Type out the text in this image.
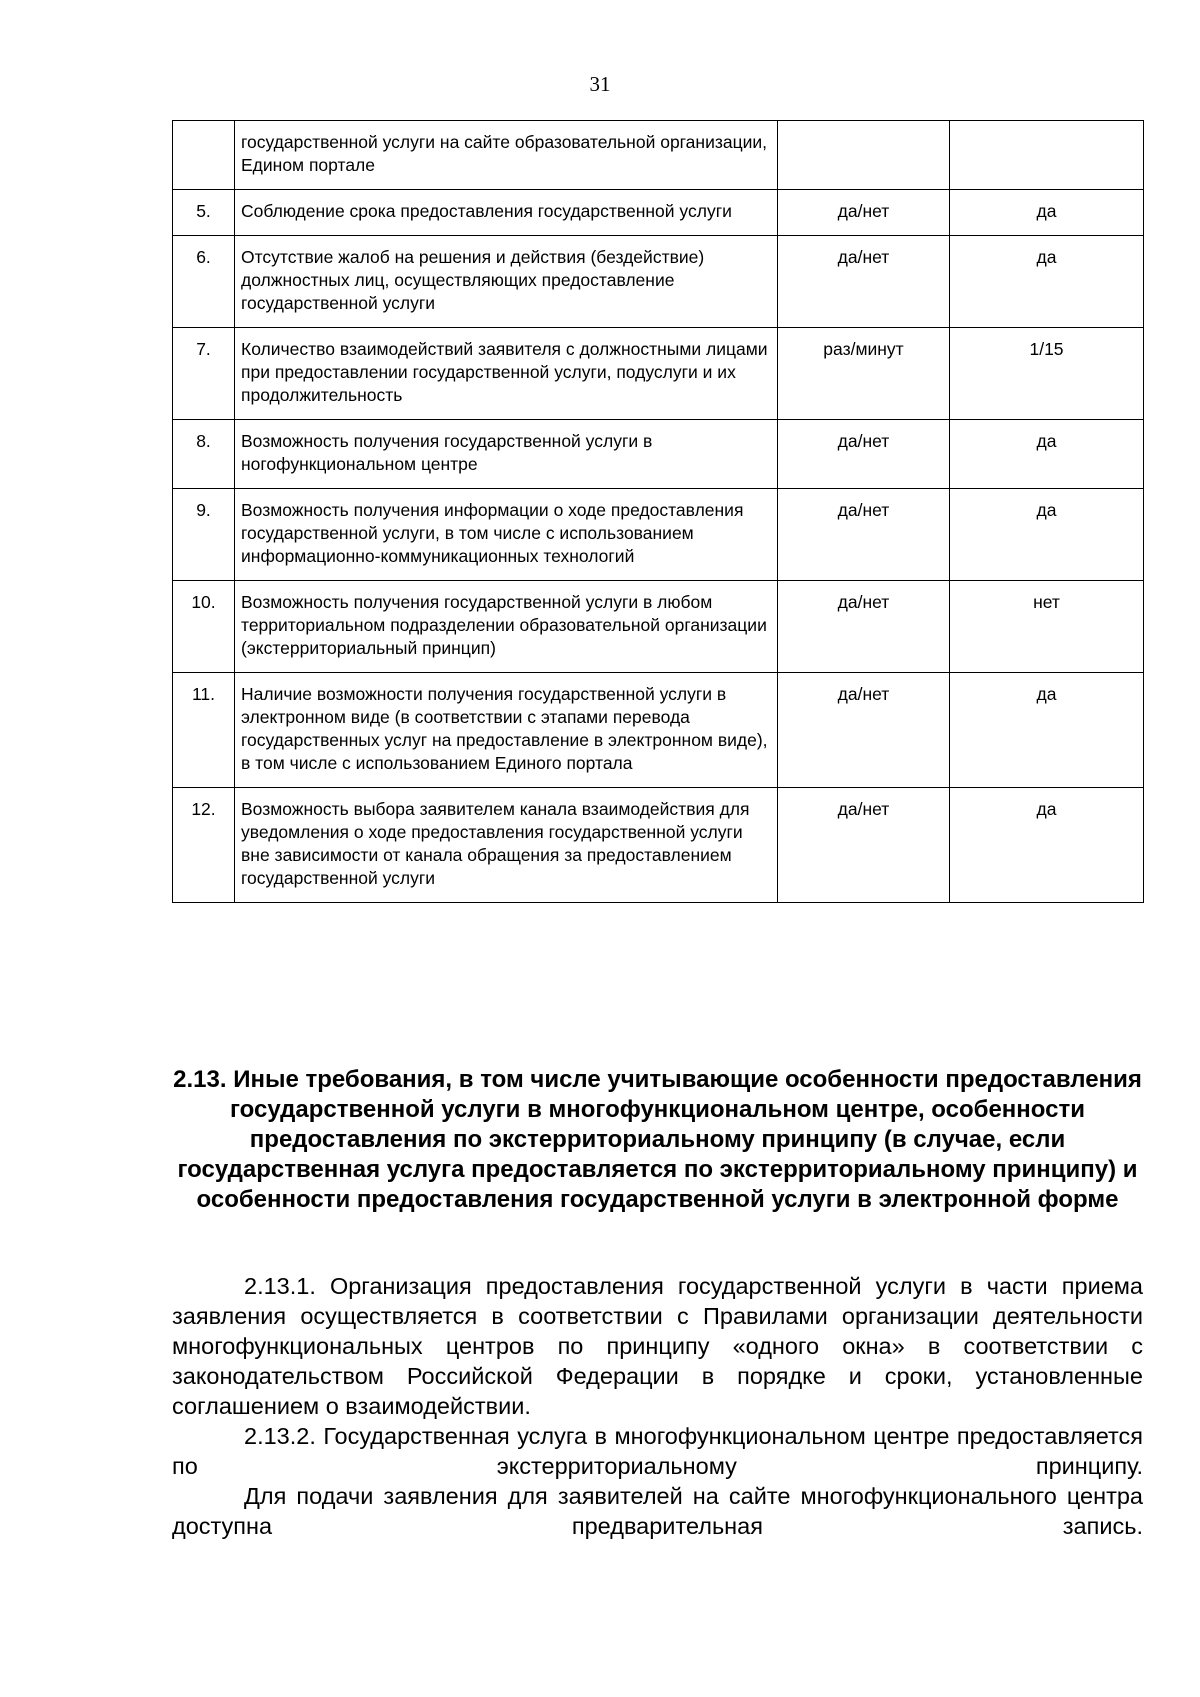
31
	государственной услуги на сайте образовательной организации, Едином портале		
5.	Соблюдение срока предоставления государственной услуги	да/нет	да
6.	Отсутствие жалоб на решения и действия (бездействие) должностных лиц, осуществляющих предоставление государственной услуги	да/нет	да
7.	Количество взаимодействий заявителя с должностными лицами при предоставлении государственной услуги, подуслуги и их продолжительность	раз/минут	1/15
8.	Возможность получения государственной услуги в ногофункциональном центре	да/нет	да
9.	Возможность получения информации о ходе предоставления государственной услуги, в том числе с использованием информационно-коммуникационных технологий	да/нет	да
10.	Возможность получения государственной услуги в любом территориальном подразделении образовательной организации (экстерриториальный принцип)	да/нет	нет
11.	Наличие возможности получения государственной услуги в электронном виде (в соответствии с этапами перевода государственных услуг на предоставление в электронном виде), в том числе с использованием Единого портала	да/нет	да
12.	Возможность выбора заявителем канала взаимодействия для уведомления о ходе предоставления государственной услуги вне зависимости от канала обращения за предоставлением государственной услуги	да/нет	да
2.13. Иные требования, в том числе учитывающие особенности предоставления государственной услуги в многофункциональном центре, особенности предоставления по экстерриториальному принципу (в случае, если государственная услуга предоставляется по экстерриториальному принципу) и особенности предоставления государственной услуги в электронной форме

2.13.1. Организация предоставления государственной услуги в части приема заявления осуществляется в соответствии с Правилами организации деятельности многофункциональных центров по принципу «одного окна» в соответствии с законодательством Российской Федерации в порядке и сроки, установленные соглашением о взаимодействии.

2.13.2. Государственная услуга в многофункциональном центре предоставляется по экстерриториальному принципу.

Для подачи заявления для заявителей на сайте многофункционального центра доступна предварительная запись.
